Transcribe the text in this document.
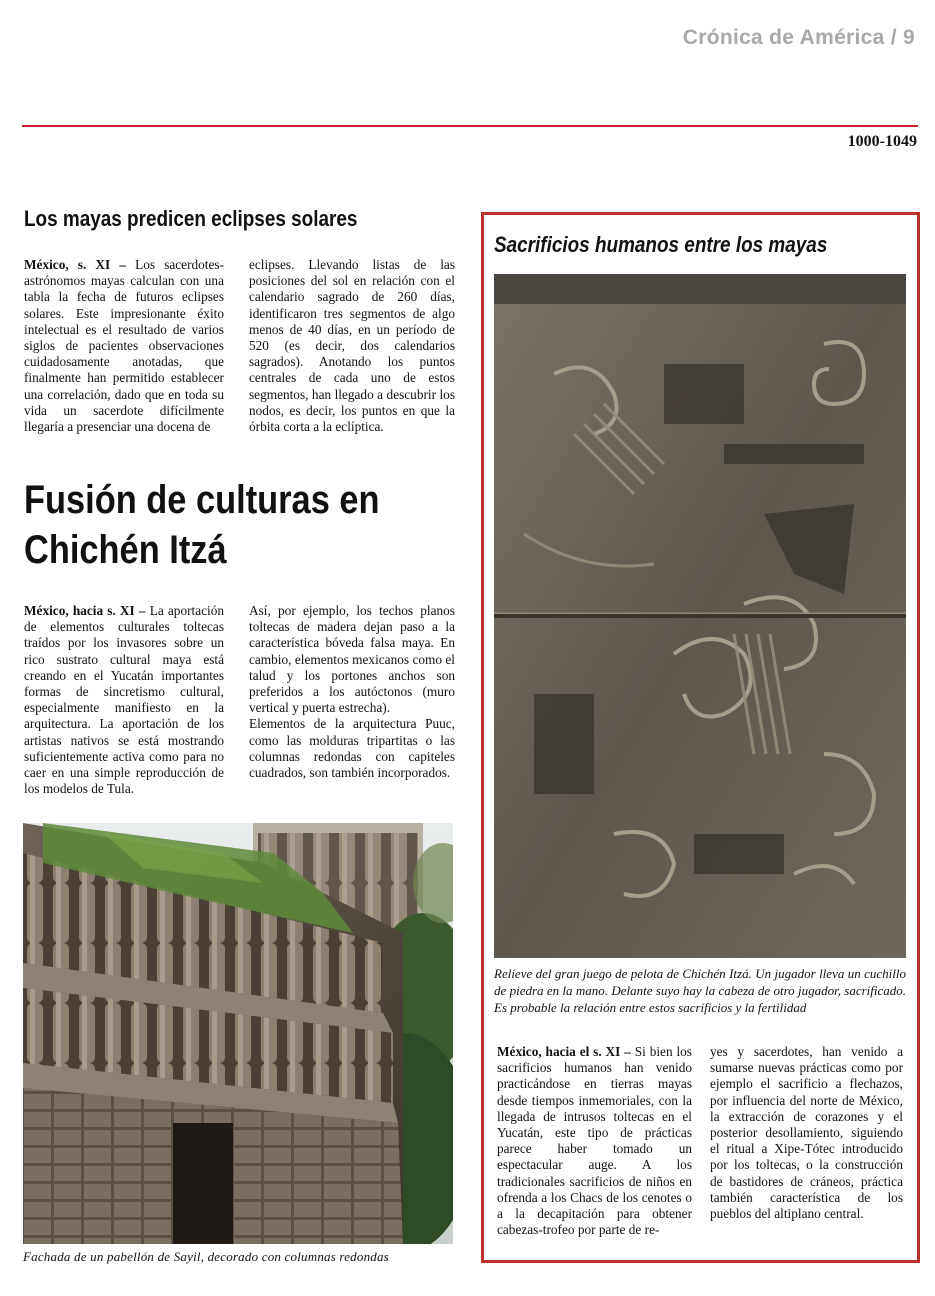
Crónica de América / 9
1000-1049
Los mayas predicen eclipses solares
México, s. XI – Los sacerdotes-astrónomos mayas calculan con una tabla la fecha de futuros eclipses solares. Este impresionante éxito intelectual es el resultado de varios siglos de pacientes observaciones cuidadosamente anotadas, que finalmente han permitido establecer una correlación, dado que en toda su vida un sacerdote difícilmente llegaría a presenciar una docena de
eclipses. Llevando listas de las posiciones del sol en relación con el calendario sagrado de 260 días, identificaron tres segmentos de algo menos de 40 días, en un período de 520 (es decir, dos calendarios sagrados). Anotando los puntos centrales de cada uno de estos segmentos, han llegado a descubrir los nodos, es decir, los puntos en que la órbita corta a la eclíptica.
Fusión de culturas en Chichén Itzá
México, hacia s. XI – La aportación de elementos culturales toltecas traídos por los invasores sobre un rico sustrato cultural maya está creando en el Yucatán importantes formas de sincretismo cultural, especialmente manifiesto en la arquitectura. La aportación de los artistas nativos se está mostrando suficientemente activa como para no caer en una simple reproducción de los modelos de Tula.
Así, por ejemplo, los techos planos toltecas de madera dejan paso a la característica bóveda falsa maya. En cambio, elementos mexicanos como el talud y los portones anchos son preferidos a los autóctonos (muro vertical y puerta estrecha).
Elementos de la arquitectura Puuc, como las molduras tripartitas o las columnas redondas con capiteles cuadrados, son también incorporados.
Fachada de un pabellón de Sayil, decorado con columnas redondas
Sacrificios humanos entre los mayas
Relieve del gran juego de pelota de Chichén Itzá. Un jugador lleva un cuchillo de piedra en la mano. Delante suyo hay la cabeza de otro jugador, sacrificado. Es probable la relación entre estos sacrificios y la fertilidad
México, hacia el s. XI – Si bien los sacrificios humanos han venido practicándose en tierras mayas desde tiempos inmemoriales, con la llegada de intrusos toltecas en el Yucatán, este tipo de prácticas parece haber tomado un espectacular auge. A los tradicionales sacrificios de niños en ofrenda a los Chacs de los cenotes o a la decapitación para obtener cabezas-trofeo por parte de re-
yes y sacerdotes, han venido a sumarse nuevas prácticas como por ejemplo el sacrificio a flechazos, por influencia del norte de México, la extracción de corazones y el posterior desollamiento, siguiendo el ritual a Xipe-Tótec introducido por los toltecas, o la construcción de bastidores de cráneos, práctica también característica de los pueblos del altiplano central.
